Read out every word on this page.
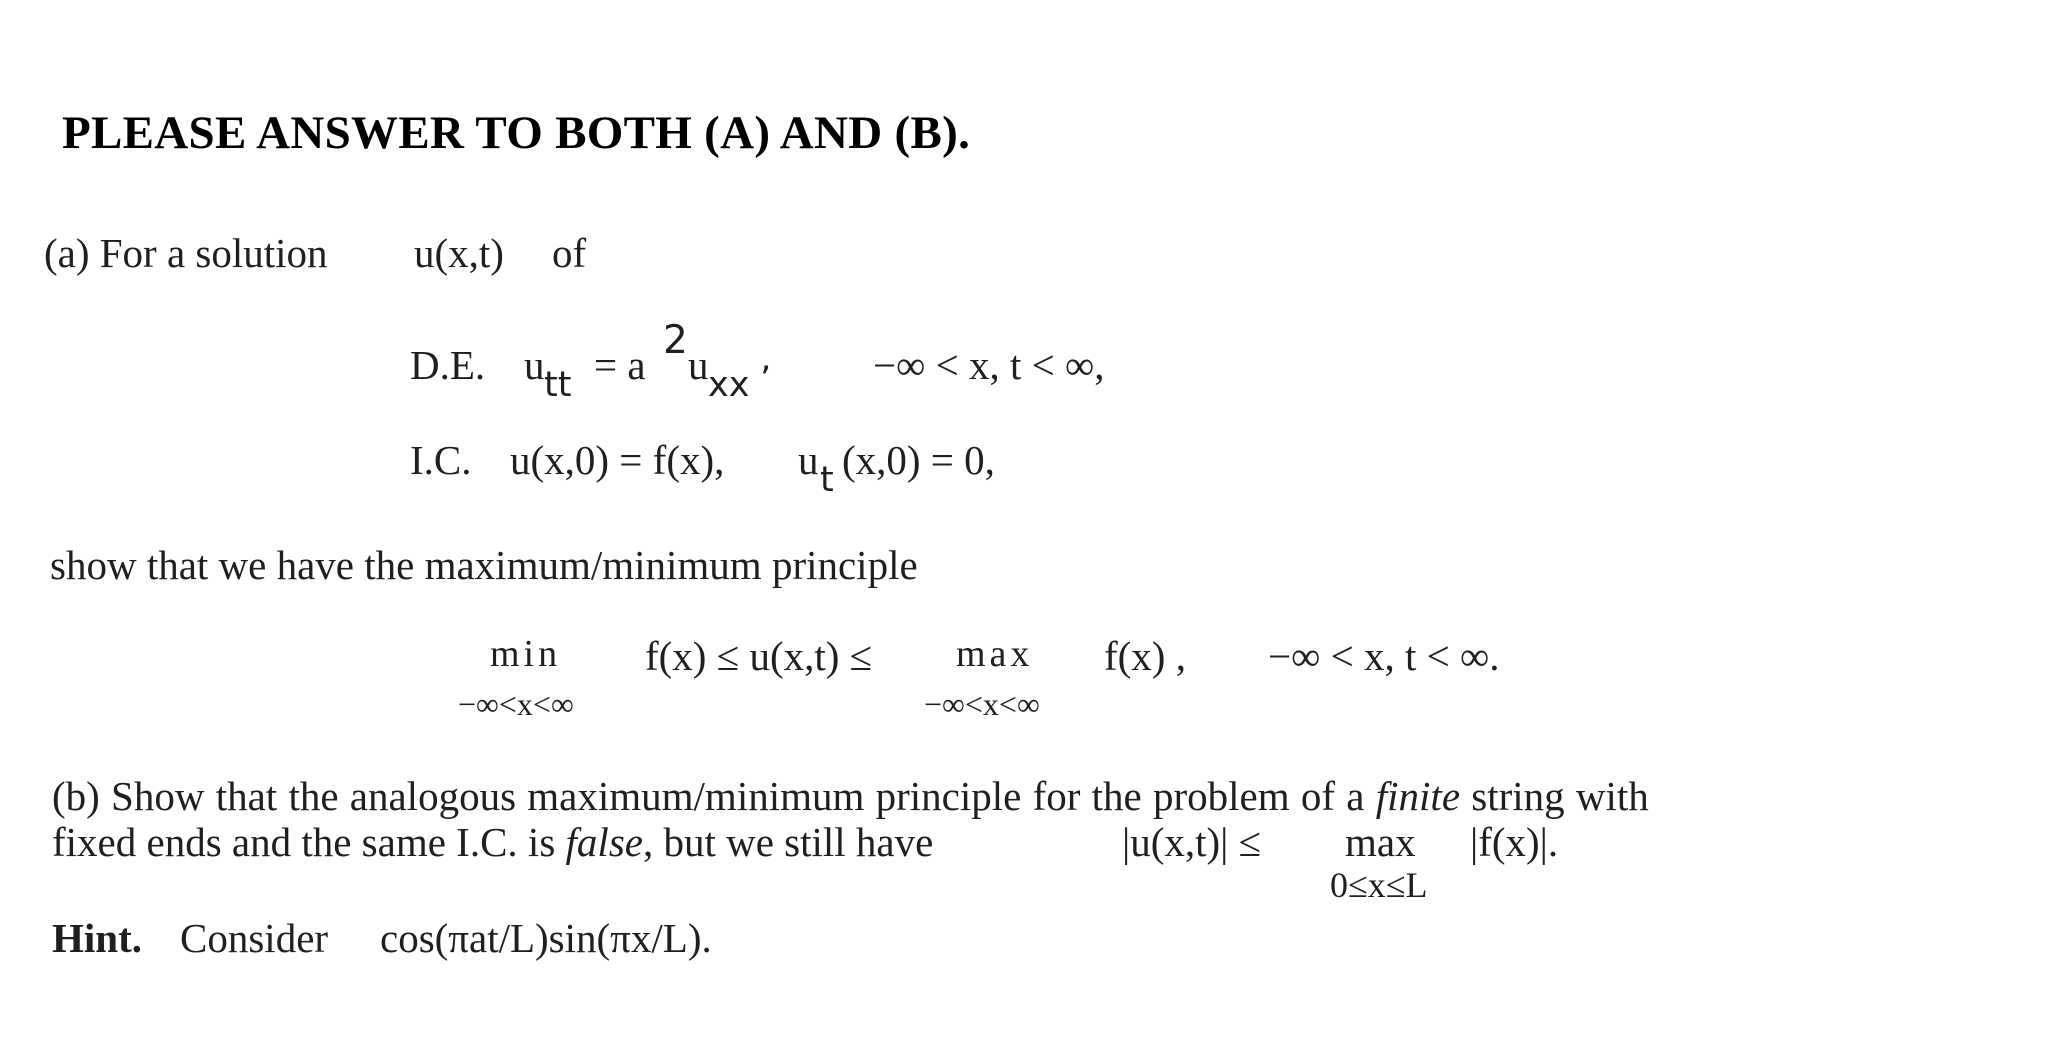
PLEASE ANSWER TO BOTH (A) AND (B).
(a) For a solution u(x,t) of
D.E. u tt = a
2
u xx ’ −∞ < x, t < ∞,
I.C. u(x,0) = f(x), u t (x,0) = 0,
show that we have the maximum/minimum principle
min
−∞<x<∞
f(x) ≤ u(x,t) ≤ max
−∞<x<∞
f(x) , −∞ < x, t < ∞.
(b) Show that the analogous maximum/minimum principle for the problem of a finite string with
fixed ends and the same I.C. is false, but we still have	|u(x,t)| ≤ max |f(x)|.
0≤x≤L
Hint. Consider cos(πat/L)sin(πx/L).
